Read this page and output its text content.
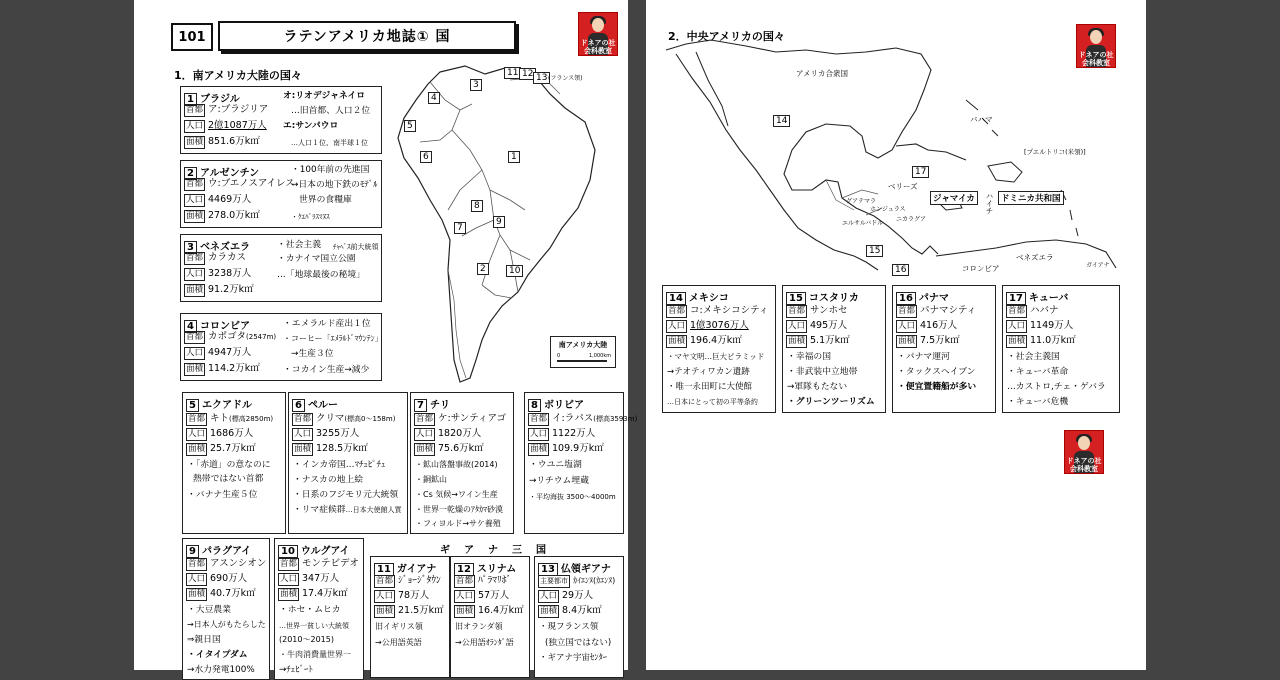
101	ラテンアメリカ地誌① 国	ドネアの社会科教室
1．南アメリカ大陸の国々
3
4
5
6	1
8
9
7
2	10
11 12 13 (フランス領)
南アメリカ大陸
0	1,000km
1 ブラジル
首都 ア:ブラジリア
人口 2億1087万人
面積 851.6万k㎡
オ:リオデジャネイロ
…旧首都、人口２位
エ:サンパウロ
…人口１位、南半球１位
2 アルゼンチン
首都 ウ:ブエノスアイレス
人口 4469万人
面積 278.0万k㎡
・100年前の先進国
→日本の地下鉄のﾓﾃﾞﾙ
世界の食糧庫
・ｸｴﾊﾞﾗｽﾏﾇｽ
3 ベネズエラ
首都 カラカス
人口 3238万人
面積 91.2万k㎡
・社会主義 ﾁｬﾍﾞｽ前大統領
・カナイマ国立公園
…「地球最後の秘境」
4 コロンビア
首都 カボゴタ(2547m)
人口 4947万人
面積 114.2万k㎡
・エメラルド産出１位
・コーヒー「ｴﾒﾗﾙﾄﾞﾏｳﾝﾃﾝ」
→生産３位
・コカイン生産→減少
5 エクアドル
首都 キト(標高2850m)
人口 1686万人
面積 25.7万k㎡
・「赤道」の意なのに
熱帯ではない首都
・バナナ生産５位
6 ペルー
首都 クリマ(標高0〜158m)
人口 3255万人
面積 128.5万k㎡
・インカ帝国…ﾏﾁｭﾋﾟﾁｭ
・ナスカの地上絵
・日系のフジモリ元大統領
・リマ症候群…日本大使館人質
7 チリ
首都 ケ:サンティアゴ
人口 1820万人
面積 75.6万k㎡
・鉱山落盤事故(2014)
・銅鉱山
・Cs 気候→ワイン生産
・世界一乾燥のｱﾀｶﾏ砂漠
・フィヨルド→サケ養殖
8 ボリビア
首都 イ:ラパス(標高3593m)
人口 1122万人
面積 109.9万k㎡
・ウユニ塩湖
→リチウム埋蔵
・平均海抜 3500〜4000m
9 パラグアイ
首都 アスンシオン
人口 690万人
面積 40.7万k㎡
・大豆農業
→日本人がもたらした
⇒親日国
・イタイプダム
→水力発電100%
10 ウルグアイ
首都 モンテビデオ
人口 347万人
面積 17.4万k㎡
・ホセ・ムヒカ
…世界一貧しい大統領
(2010〜2015)
・牛肉消費量世界一
→ﾁｪﾋﾞｰﾄ
ギ　ア　ナ　三　国
11 ガイアナ
首都 ｼﾞｮｰｼﾞﾀｳﾝ
人口 78万人
面積 21.5万k㎡
旧イギリス領
→公用語英語
12 スリナム
首都 ﾊﾟﾗﾏﾘﾎﾞ
人口 57万人
面積 16.4万k㎡
旧オランダ領
→公用語ｵﾗﾝﾀﾞ語
13 仏領ギアナ
主要都市 ｶｲｴﾝﾇ(ｶｴﾝﾇ)
人口 29万人
面積 8.4万k㎡
・現フランス領
(独立国ではない)
・ギアナ宇宙ｾﾝﾀｰ
2．中央アメリカの国々
ドネアの社会科教室
14
17
15
16
アメリカ合衆国
バハマ
[プエルトリコ(米領)]
ベリーズ
ジャマイカ	ハイチ ドミニカ共和国
グアテマラ
ホンジュラス
エルサルバドル
ニカラグア
コロンビア
ベネズエラ
ガイアナ
14 メキシコ
首都 コ:メキシコシティ
人口 1億3076万人
面積 196.4万k㎡
・マヤ文明…巨大ピラミッド
→テオティワカン遺跡
・唯一永田町に大使館
…日本にとって初の平等条約
15 コスタリカ
首都 サンホセ
人口 495万人
面積 5.1万k㎡
・幸福の国
・非武装中立地帯
→軍隊もたない
・グリーンツーリズム
16 パナマ
首都 パナマシティ
人口 416万人
面積 7.5万k㎡
・パナマ運河
・タックスヘイブン
・便宜置籍船が多い
17 キューバ
首都 ハバナ
人口 1149万人
面積 11.0万k㎡
・社会主義国
・キューバ革命
…カストロ,チェ・ゲバラ
・キューバ危機
ドネアの社会科教室
